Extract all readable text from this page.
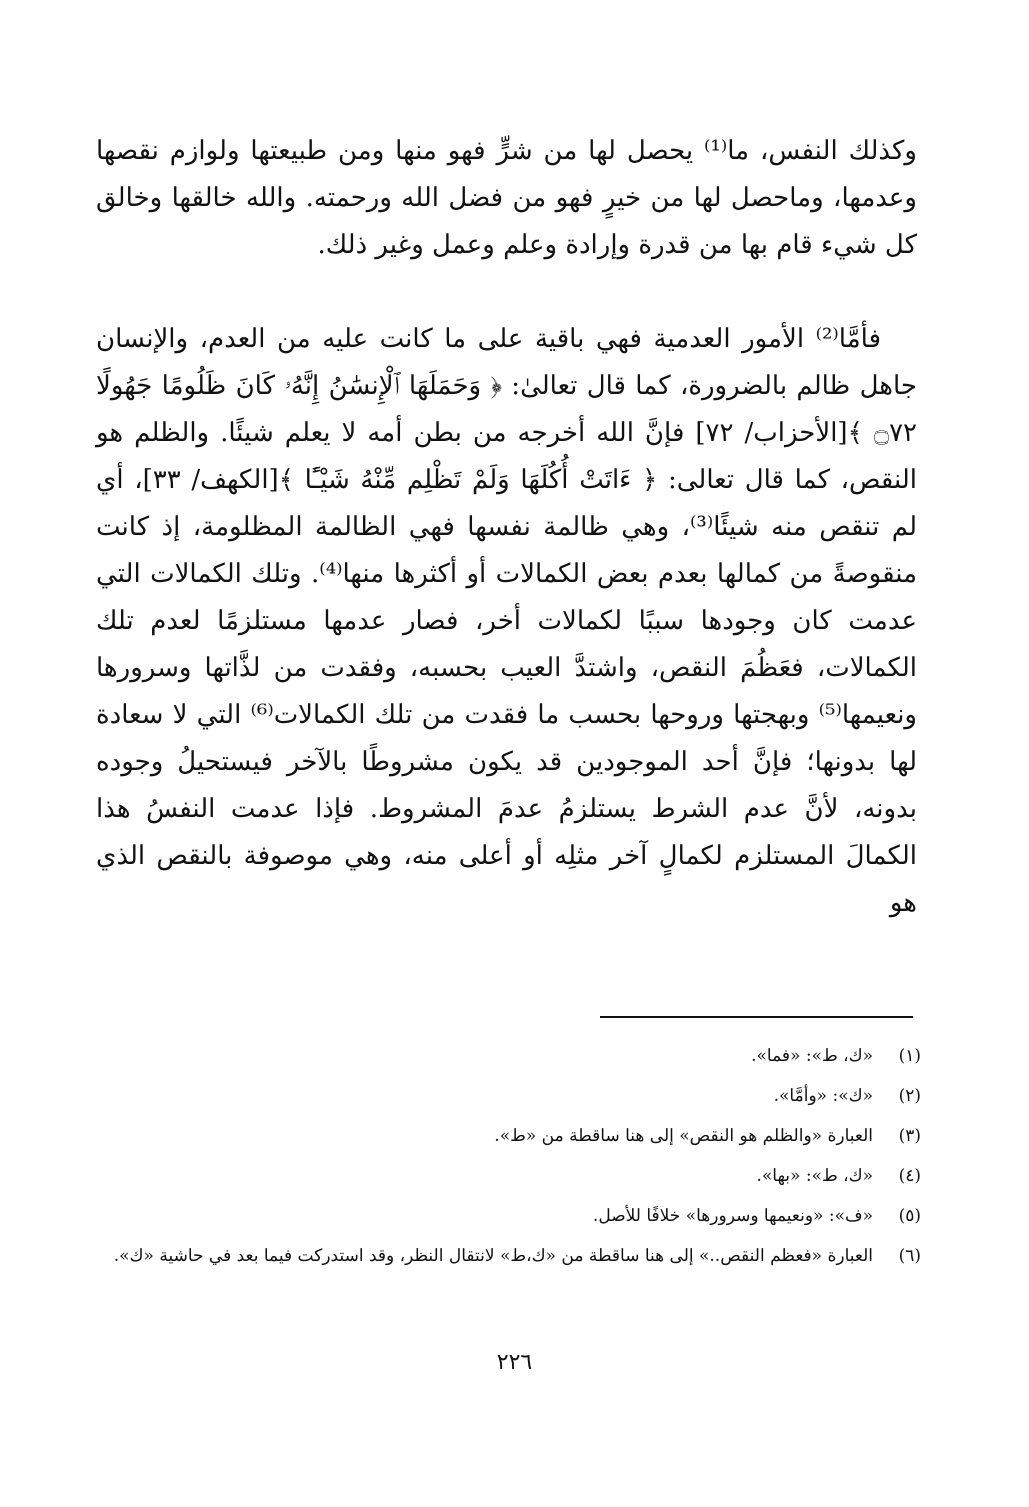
وكذلك النفس، ما⁽¹⁾ يحصل لها من شرٍّ فهو منها ومن طبيعتها ولوازم نقصها وعدمها، وماحصل لها من خيرٍ فهو من فضل الله ورحمته. والله خالقها وخالق كل شيء قام بها من قدرة وإرادة وعلم وعمل وغير ذلك.

فأمَّا⁽²⁾ الأمور العدمية فهي باقية على ما كانت عليه من العدم، والإنسان جاهل ظالم بالضرورة، كما قال تعالىٰ: ﴿ وَحَمَلَهَا ٱلْإِنسَٰنُ إِنَّهُۥ كَانَ ظَلُومًا جَهُولًا ۝٧٢ ﴾[الأحزاب/ ٧٢] فإنَّ الله أخرجه من بطن أمه لا يعلم شيئًا. والظلم هو النقص، كما قال تعالى: ﴿ ءَاتَتْ أُكُلَهَا وَلَمْ تَظْلِم مِّنْهُ شَيْـًٔا ﴾[الكهف/ ٣٣]، أي لم تنقص منه شيئًا⁽³⁾، وهي ظالمة نفسها فهي الظالمة المظلومة، إذ كانت منقوصةً من كمالها بعدم بعض الكمالات أو أكثرها منها⁽⁴⁾. وتلك الكمالات التي عدمت كان وجودها سببًا لكمالات أخر، فصار عدمها مستلزمًا لعدم تلك الكمالات، فعَظُمَ النقص، واشتدَّ العيب بحسبه، وفقدت من لذَّاتها وسرورها ونعيمها⁽⁵⁾ وبهجتها وروحها بحسب ما فقدت من تلك الكمالات⁽⁶⁾ التي لا سعادة لها بدونها؛ فإنَّ أحد الموجودين قد يكون مشروطًا بالآخر فيستحيلُ وجوده بدونه، لأنَّ عدم الشرط يستلزمُ عدمَ المشروط. فإذا عدمت النفسُ هذا الكمالَ المستلزم لكمالٍ آخر مثلِه أو أعلى منه، وهي موصوفة بالنقص الذي هو

(١)
«ك، ط»: «فما».
(٢)
«ك»: «وأمَّا».
(٣)
العبارة «والظلم هو النقص» إلى هنا ساقطة من «ط».
(٤)
«ك، ط»: «بها».
(٥)
«ف»: «ونعيمها وسرورها» خلافًا للأصل.
(٦)
العبارة «فعظم النقص..» إلى هنا ساقطة من «ك،ط» لانتقال النظر، وقد استدركت فيما بعد في حاشية «ك».
٢٢٦
